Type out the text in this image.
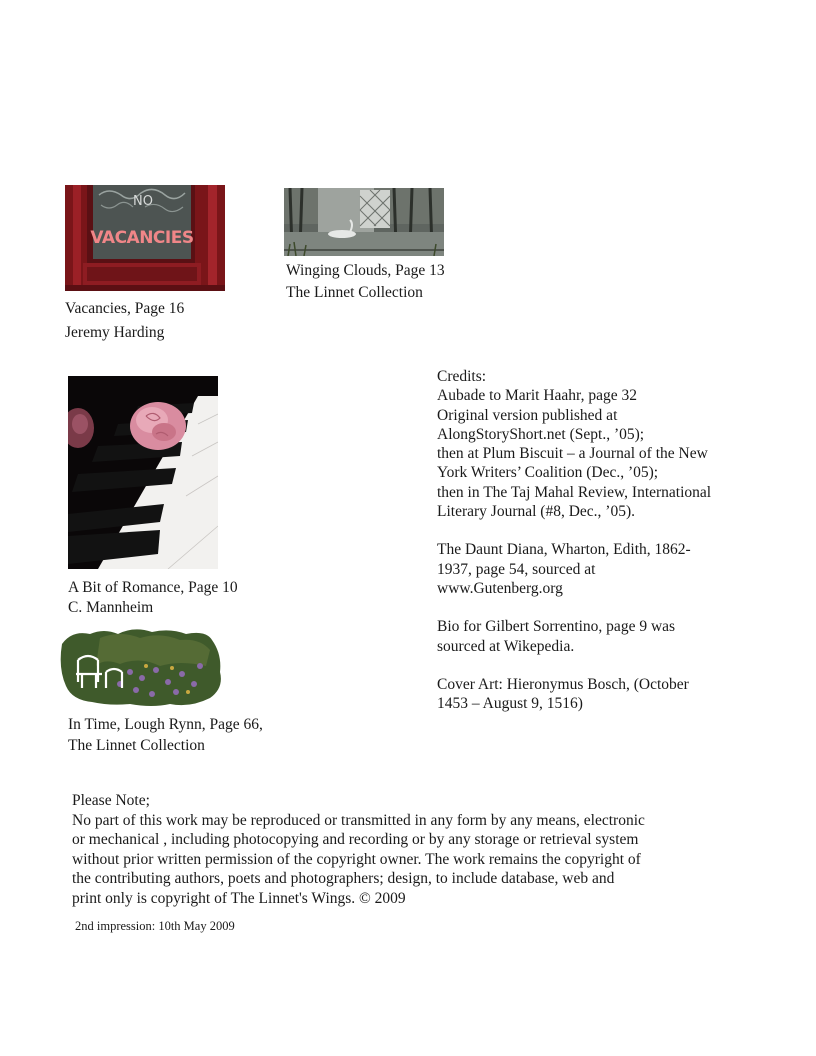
NO
VACANCIES
Vacancies, Page 16
Jeremy Harding
Winging Clouds, Page 13
The Linnet Collection
A Bit of Romance, Page 10
C. Mannheim
In Time, Lough Rynn, Page 66,
The Linnet Collection

Credits:

Aubade to Marit Haahr, page 32

Original version published at

AlongStoryShort.net (Sept., ’05);

then at Plum Biscuit – a Journal of the New

York Writers’ Coalition (Dec., ’05);

then in The Taj Mahal Review, International

Literary Journal (#8, Dec., ’05).

The Daunt Diana, Wharton, Edith, 1862-

1937, page 54, sourced at

www.Gutenberg.org

Bio for Gilbert Sorrentino, page 9 was

sourced at Wikepedia.

Cover Art: Hieronymus Bosch, (October

1453 – August 9, 1516)

Please Note;

No part of this work may be reproduced or transmitted in any form by any means, electronic

or mechanical , including photocopying and recording or by any storage or retrieval system

without prior written permission of the copyright owner. The work remains the copyright of

the contributing authors, poets and photographers; design, to include database, web and

print only is copyright of The Linnet's Wings. © 2009

2nd impression: 10th May 2009
